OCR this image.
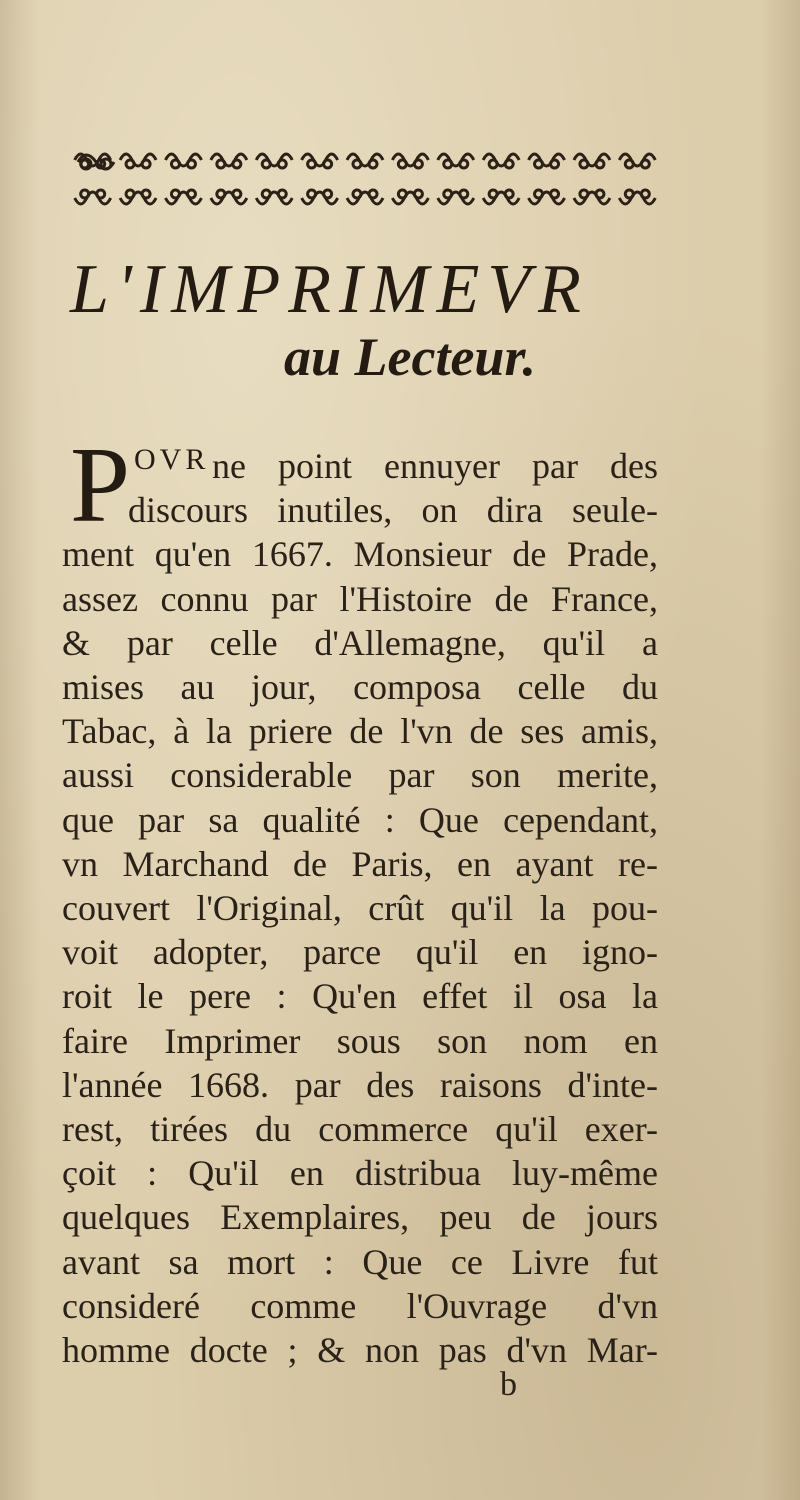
L'IMPRIMEVR
au Lecteur.
P OVR ne point ennuyer par des
discours inutiles, on dira seule-
ment qu'en 1667. Monsieur de Prade,
assez connu par l'Histoire de France,
& par celle d'Allemagne, qu'il a
mises au jour, composa celle du
Tabac, à la priere de l'vn de ses amis,
aussi considerable par son merite,
que par sa qualité : Que cependant,
vn Marchand de Paris, en ayant re-
couvert l'Original, crût qu'il la pou-
voit adopter, parce qu'il en igno-
roit le pere : Qu'en effet il osa la
faire Imprimer sous son nom en
l'année 1668. par des raisons d'inte-
rest, tirées du commerce qu'il exer-
çoit : Qu'il en distribua luy-même
quelques Exemplaires, peu de jours
avant sa mort : Que ce Livre fut
consideré comme l'Ouvrage d'vn
homme docte ; & non pas d'vn Mar-
b
